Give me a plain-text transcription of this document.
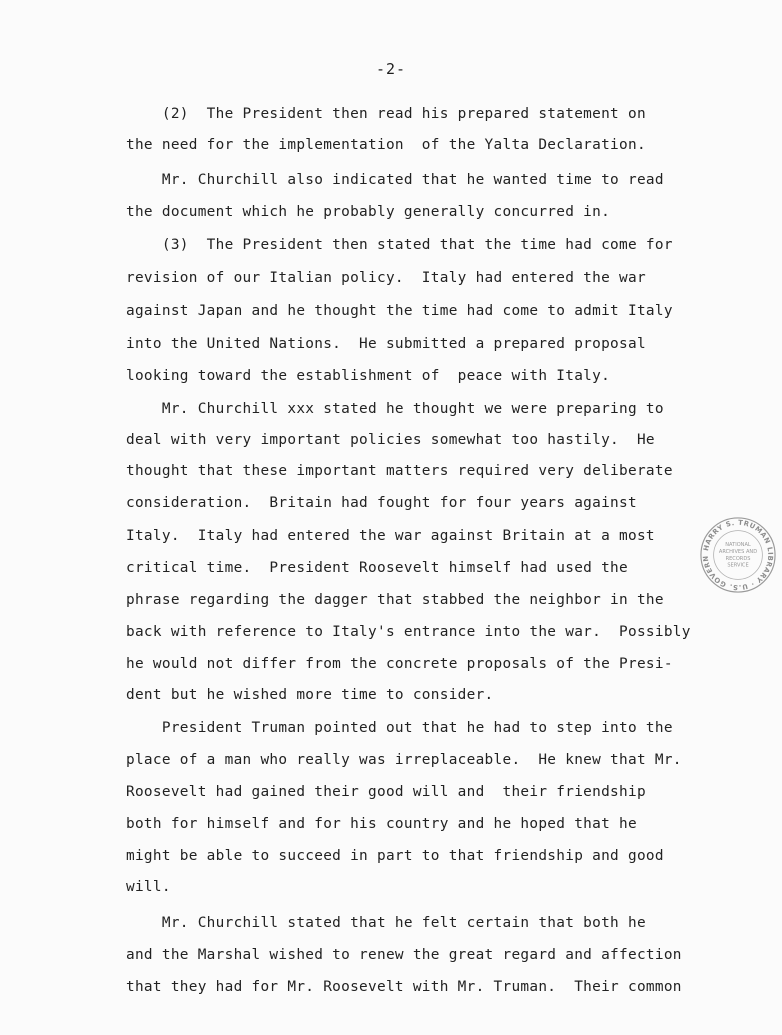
-2-
(2)  The President then read his prepared statement on
the need for the implementation  of the Yalta Declaration.
Mr. Churchill also indicated that he wanted time to read
the document which he probably generally concurred in.
(3)  The President then stated that the time had come for
revision of our Italian policy.  Italy had entered the war
against Japan and he thought the time had come to admit Italy
into the United Nations.  He submitted a prepared proposal
looking toward the establishment of  peace with Italy.
Mr. Churchill xxx stated he thought we were preparing to
deal with very important policies somewhat too hastily.  He
thought that these important matters required very deliberate
consideration.  Britain had fought for four years against
Italy.  Italy had entered the war against Britain at a most
critical time.  President Roosevelt himself had used the
phrase regarding the dagger that stabbed the neighbor in the
back with reference to Italy's entrance into the war.  Possibly
he would not differ from the concrete proposals of the Presi-
dent but he wished more time to consider.
President Truman pointed out that he had to step into the
place of a man who really was irreplaceable.  He knew that Mr.
Roosevelt had gained their good will and  their friendship
both for himself and for his country and he hoped that he
might be able to succeed in part to that friendship and good
will.
Mr. Churchill stated that he felt certain that both he
and the Marshal wished to renew the great regard and affection
that they had for Mr. Roosevelt with Mr. Truman.  Their common
HARRY S. TRUMAN LIBRARY · U.S. GOVERN
NATIONAL
ARCHIVES AND
RECORDS
SERVICE
